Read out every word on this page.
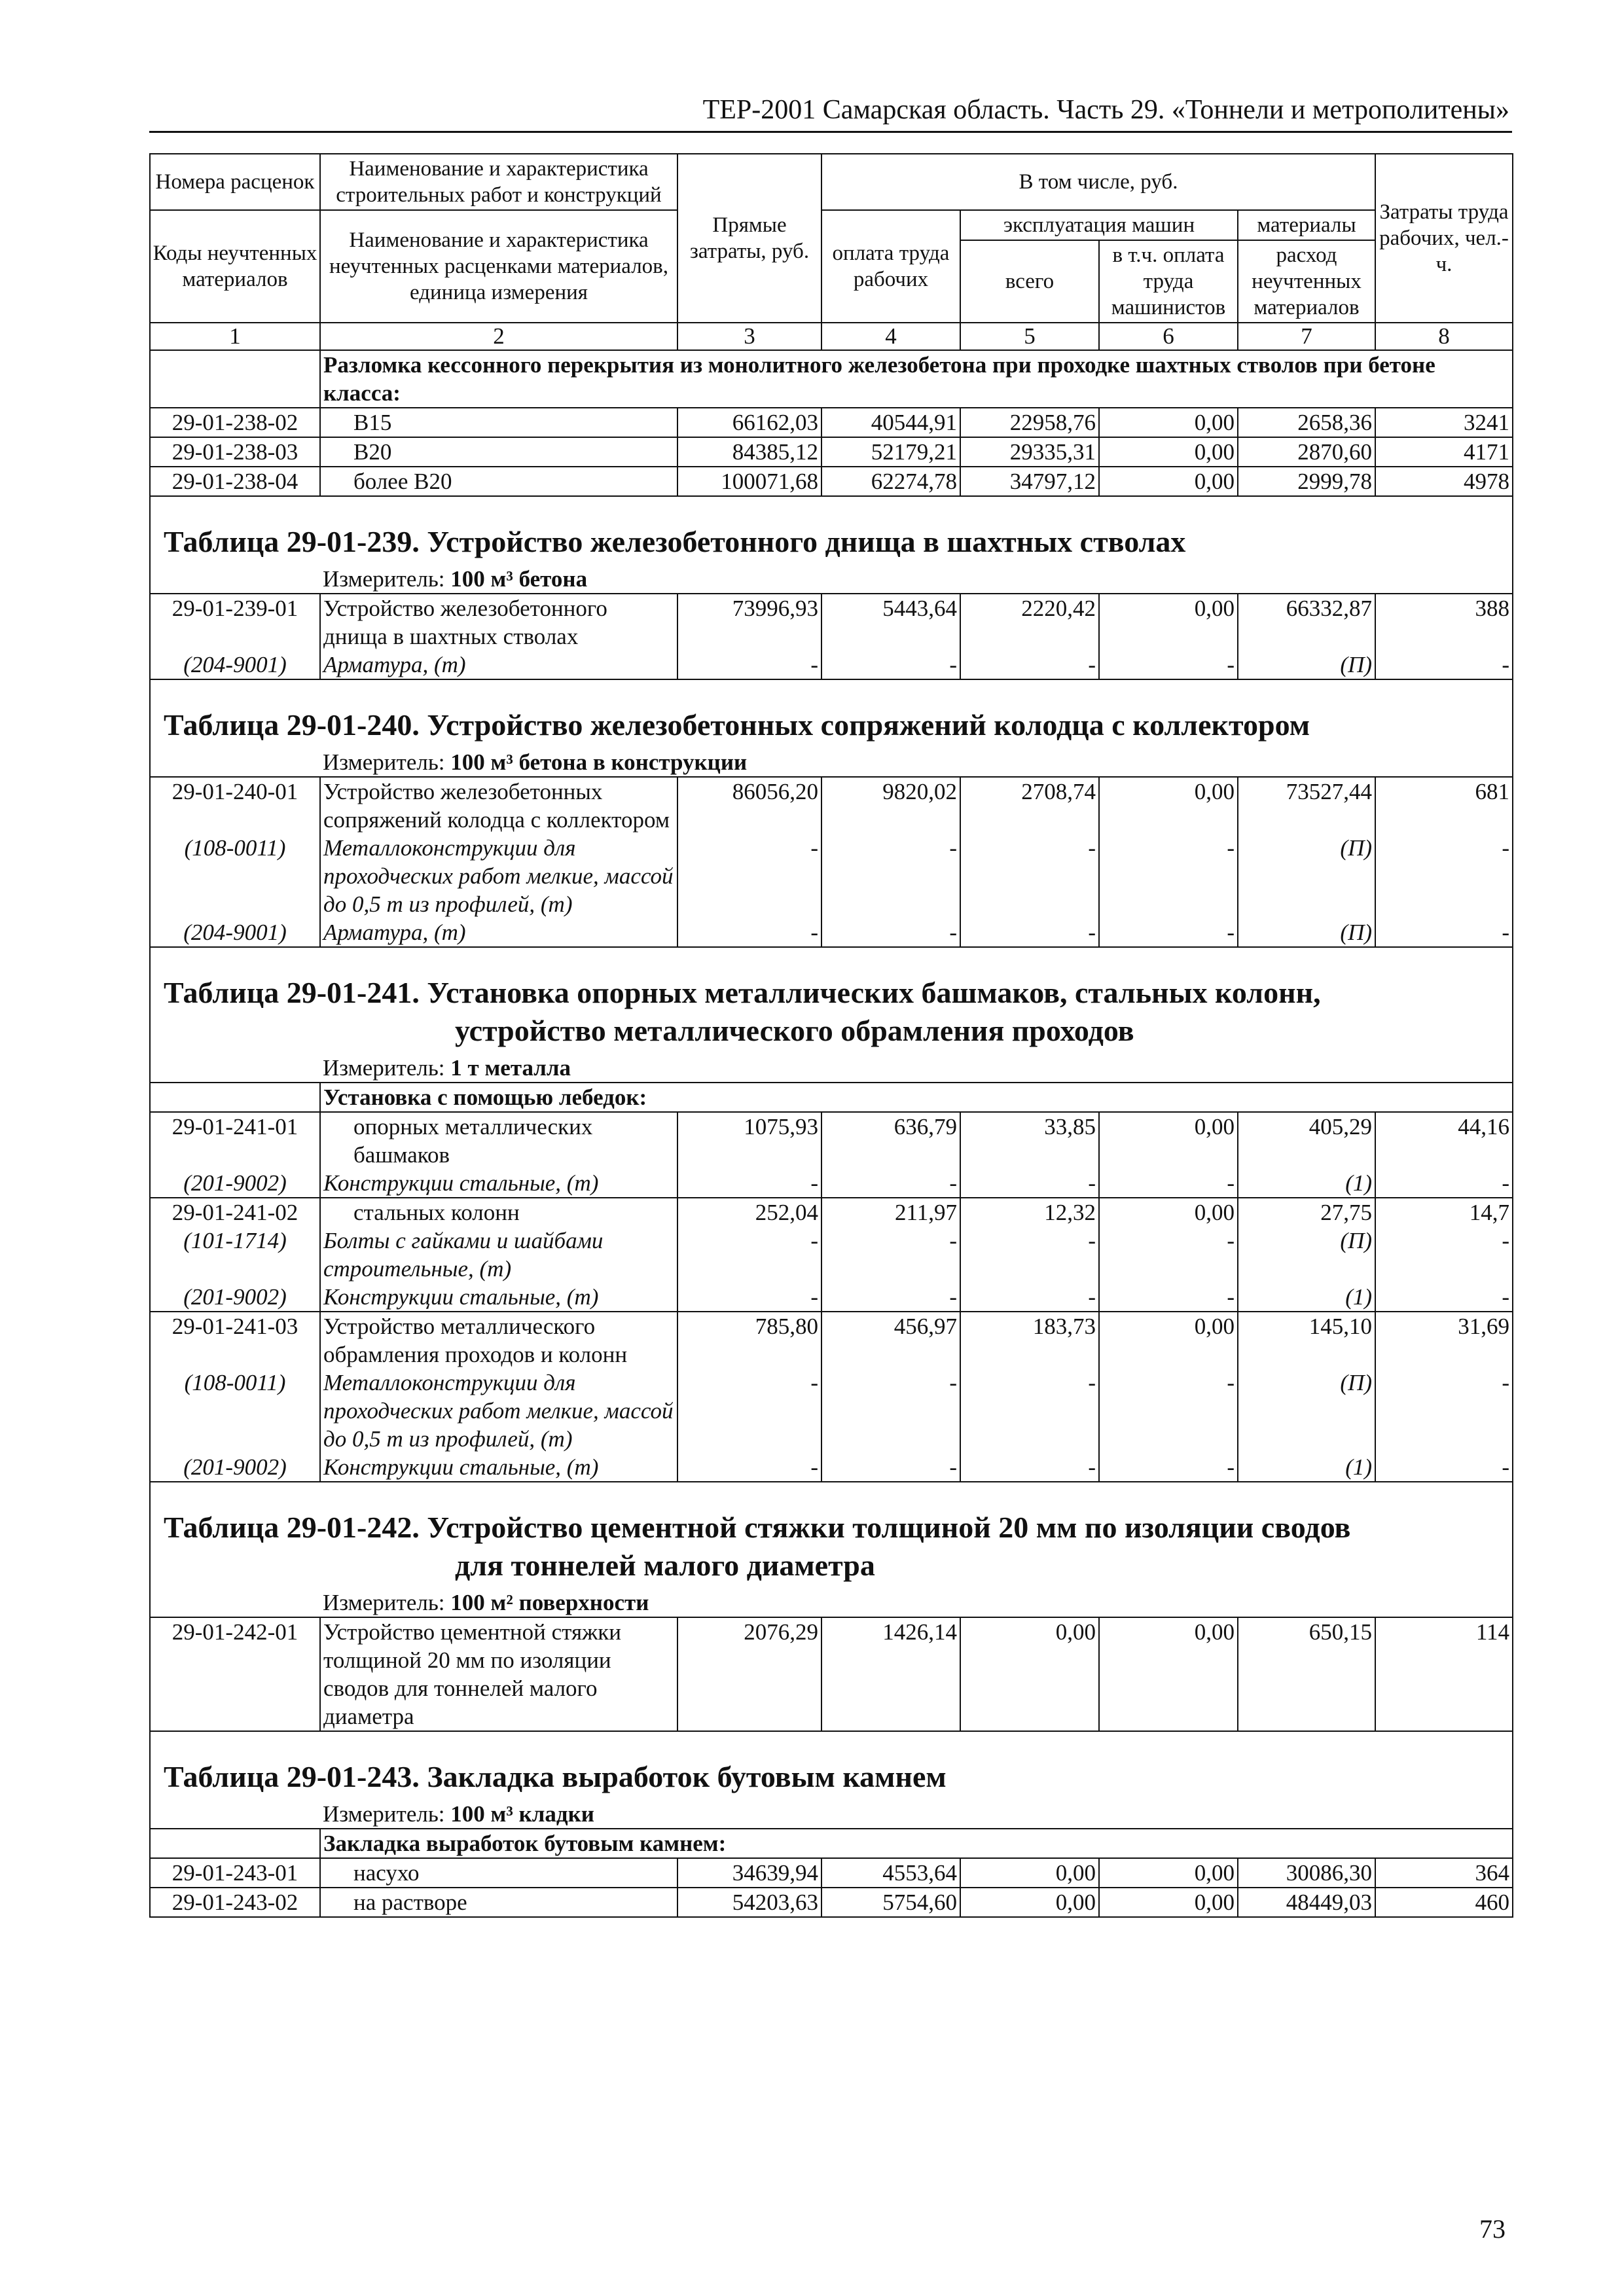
ТЕР-2001 Самарская область. Часть 29. «Тоннели и метрополитены»
Номера расценок	Наименование и характеристика строительных работ и конструкций	Прямые затраты, руб.	В том числе, руб.				Затраты труда рабочих, чел.-ч.
Коды неучтенных материалов	Наименование и характеристика неучтенных расценками материалов, единица измерения		оплата труда рабочих	эксплуатация машин		материалы	
				всего	в т.ч. оплата труда машинистов	расход неучтенных материалов	
1	2	3	4	5	6	7	8
	Разломка кессонного перекрытия из монолитного железобетона при проходке шахтных стволов при бетоне класса:						
29-01-238-02	В15	66162,03	40544,91	22958,76	0,00	2658,36	3241
29-01-238-03	В20	84385,12	52179,21	29335,31	0,00	2870,60	4171
29-01-238-04	более В20	100071,68	62274,78	34797,12	0,00	2999,78	4978
Таблица 29-01-239. Устройство железобетонного днища в шахтных стволах							
	Измеритель: 100 м³ бетона						
29-01-239-01	Устройство железобетонного днища в шахтных стволах	73996,93	5443,64	2220,42	0,00	66332,87	388
(204-9001)	Арматура, (т)	-	-	-	-	(П)	-
Таблица 29-01-240. Устройство железобетонных сопряжений колодца с коллектором							
	Измеритель: 100 м³ бетона в конструкции						
29-01-240-01	Устройство железобетонных сопряжений колодца с коллектором	86056,20	9820,02	2708,74	0,00	73527,44	681
(108-0011)	Металлоконструкции для проходческих работ мелкие, массой до 0,5 т из профилей, (т)	-	-	-	-	(П)	-
(204-9001)	Арматура, (т)	-	-	-	-	(П)	-
Таблица 29-01-241. Установка опорных металлических башмаков, стальных колонн,
устройство металлического обрамления проходов							

	Измеритель: 1 т металла						
	Установка с помощью лебедок:						
29-01-241-01	опорных металлических башмаков	1075,93	636,79	33,85	0,00	405,29	44,16
(201-9002)	Конструкции стальные, (т)	-	-	-	-	(1)	-
29-01-241-02	стальных колонн	252,04	211,97	12,32	0,00	27,75	14,7
(101-1714)	Болты с гайками и шайбами строительные, (т)	-	-	-	-	(П)	-
(201-9002)	Конструкции стальные, (т)	-	-	-	-	(1)	-
29-01-241-03	Устройство металлического обрамления проходов и колонн	785,80	456,97	183,73	0,00	145,10	31,69
(108-0011)	Металлоконструкции для проходческих работ мелкие, массой до 0,5 т из профилей, (т)	-	-	-	-	(П)	-
(201-9002)	Конструкции стальные, (т)	-	-	-	-	(1)	-
Таблица 29-01-242. Устройство цементной стяжки толщиной 20 мм по изоляции сводов
для тоннелей малого диаметра							

	Измеритель: 100 м² поверхности						
29-01-242-01	Устройство цементной стяжки толщиной 20 мм по изоляции сводов для тоннелей малого диаметра	2076,29	1426,14	0,00	0,00	650,15	114
Таблица 29-01-243. Закладка выработок бутовым камнем							
	Измеритель: 100 м³ кладки						
	Закладка выработок бутовым камнем:						
29-01-243-01	насухо	34639,94	4553,64	0,00	0,00	30086,30	364
29-01-243-02	на растворе	54203,63	5754,60	0,00	0,00	48449,03	460
73
